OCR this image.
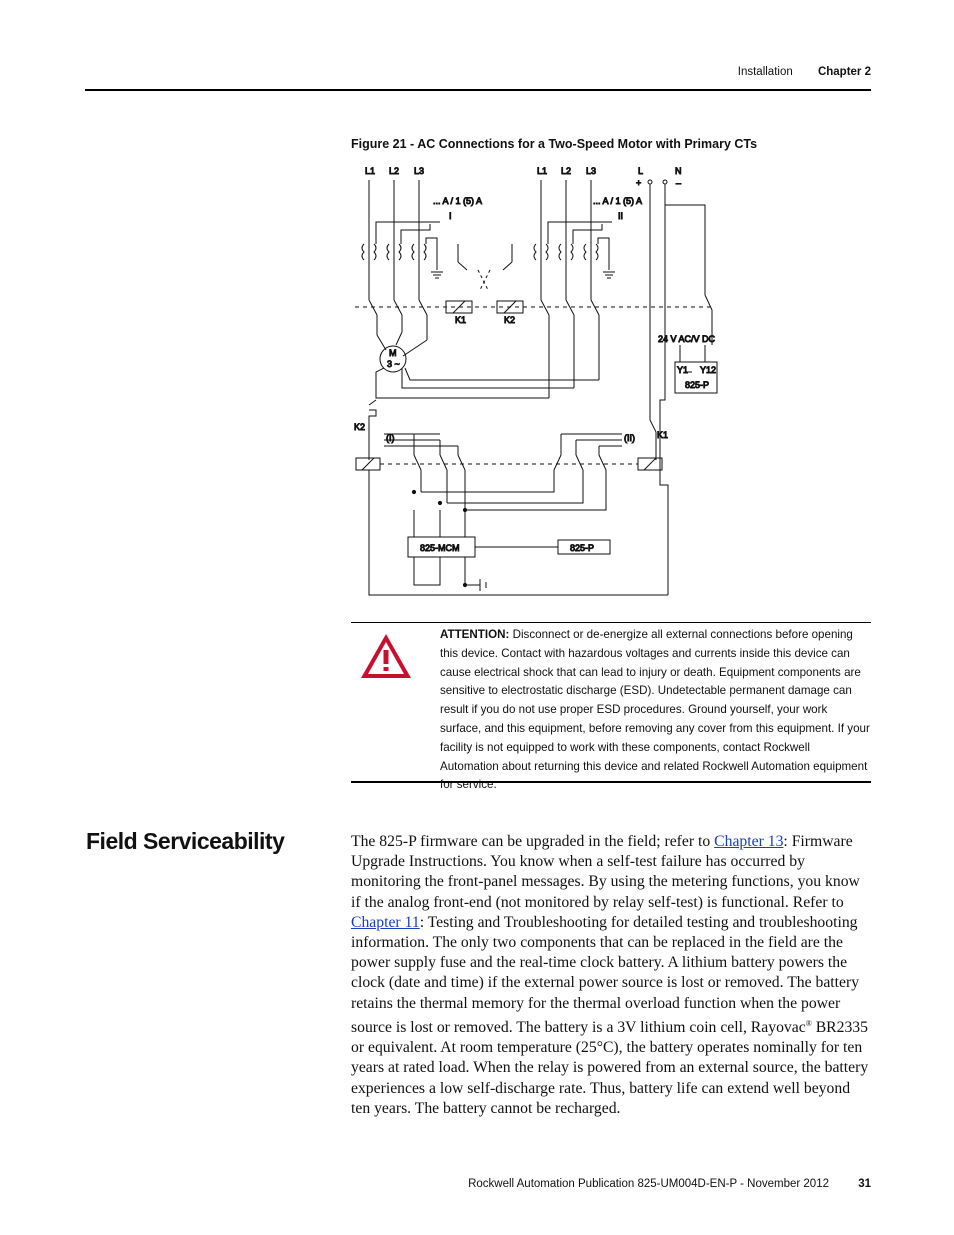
Installation Chapter 2
Figure 21 - AC Connections for a Two-Speed Motor with Primary CTs
L1 L2 L3	L1 L2 L3	L	N
+	–
... A / 1 (5) A
I
... A / 1 (5) A
II
K1	K2
M
3 ~
24 V AC/V DC
Y1 Y12
825-P
K1
K2
(I)	(II)
825-MCM	825-P
ATTENTION: Disconnect or de-energize all external connections before opening this device. Contact with hazardous voltages and currents inside this device can cause electrical shock that can lead to injury or death. Equipment components are sensitive to electrostatic discharge (ESD). Undetectable permanent damage can result if you do not use proper ESD procedures. Ground yourself, your work surface, and this equipment, before removing any cover from this equipment. If your facility is not equipped to work with these components, contact Rockwell Automation about returning this device and related Rockwell Automation equipment for service.
Field Serviceability	The 825-P firmware can be upgraded in the field; refer to Chapter 13: Firmware Upgrade Instructions. You know when a self-test failure has occurred by monitoring the front-panel messages. By using the metering functions, you know if the analog front-end (not monitored by relay self-test) is functional. Refer to Chapter 11: Testing and Troubleshooting for detailed testing and troubleshooting information. The only two components that can be replaced in the field are the power supply fuse and the real-time clock battery. A lithium battery powers the clock (date and time) if the external power source is lost or removed. The battery retains the thermal memory for the thermal overload function when the power source is lost or removed. The battery is a 3V lithium coin cell, Rayovac® BR2335 or equivalent. At room temperature (25°C), the battery operates nominally for ten years at rated load. When the relay is powered from an external source, the battery experiences a low self-discharge rate. Thus, battery life can extend well beyond ten years. The battery cannot be recharged.
Rockwell Automation Publication 825-UM004D-EN-P - November 2012	31
